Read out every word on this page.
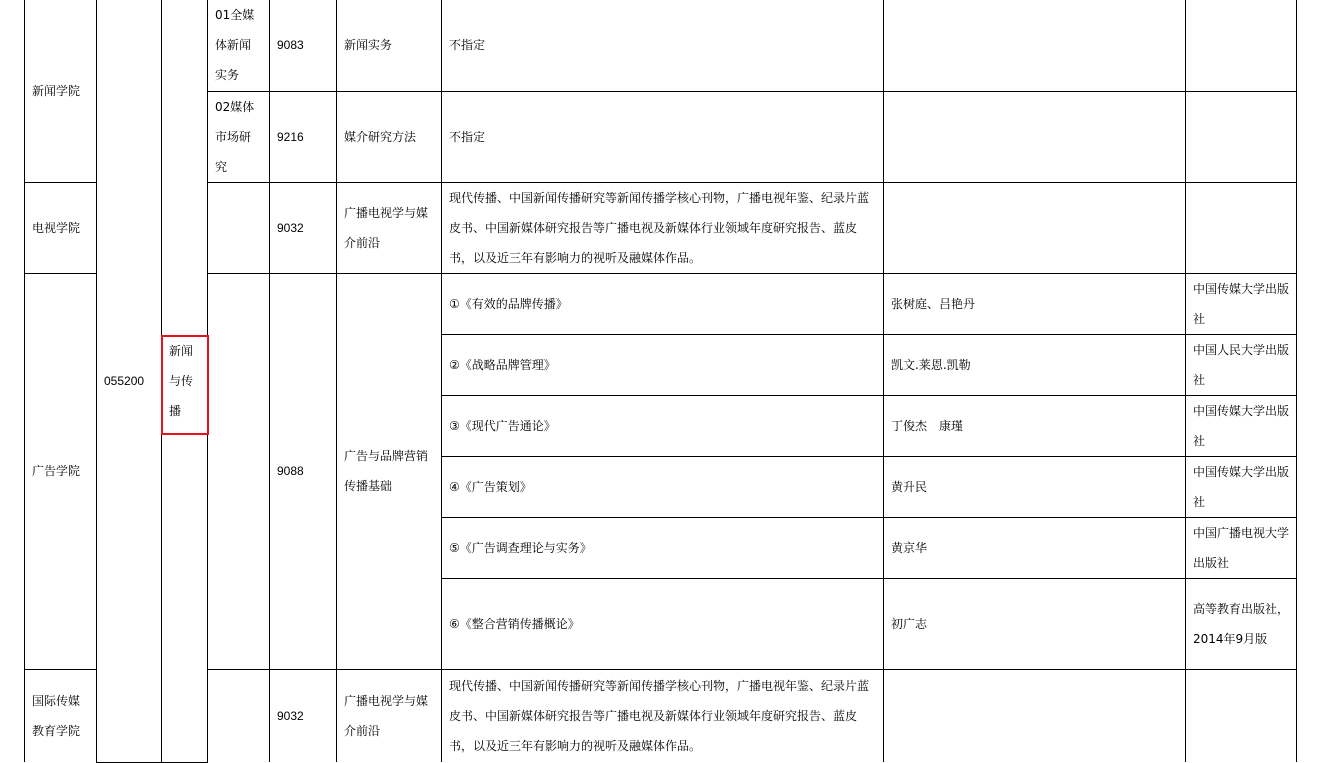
新闻学院	055200	新闻与传播	01全媒体新闻实务	9083	新闻实务	不指定		

			02媒体市场研究	9216	媒介研究方法	不指定		

电视学院				9032	广播电视学与媒介前沿	现代传播、中国新闻传播研究等新闻传播学核心刊物，广播电视年鉴、纪录片蓝皮书、中国新媒体研究报告等广播电视及新媒体行业领域年度研究报告、蓝皮书，以及近三年有影响力的视听及融媒体作品。		

广告学院				9088	广告与品牌营销传播基础	①《有效的品牌传播》	张树庭、吕艳丹	中国传媒大学出版社

						②《战略品牌管理》	凯文.莱恩.凯勒	中国人民大学出版社

						③《现代广告通论》	丁俊杰　康瑾	中国传媒大学出版社

						④《广告策划》	黄升民	中国传媒大学出版社

						⑤《广告调查理论与实务》	黄京华	中国广播电视大学出版社

						⑥《整合营销传播概论》	初广志	高等教育出版社，2014年9月版

国际传媒教育学院				9032	广播电视学与媒介前沿	现代传播、中国新闻传播研究等新闻传播学核心刊物，广播电视年鉴、纪录片蓝皮书、中国新媒体研究报告等广播电视及新媒体行业领域年度研究报告、蓝皮书，以及近三年有影响力的视听及融媒体作品。		
